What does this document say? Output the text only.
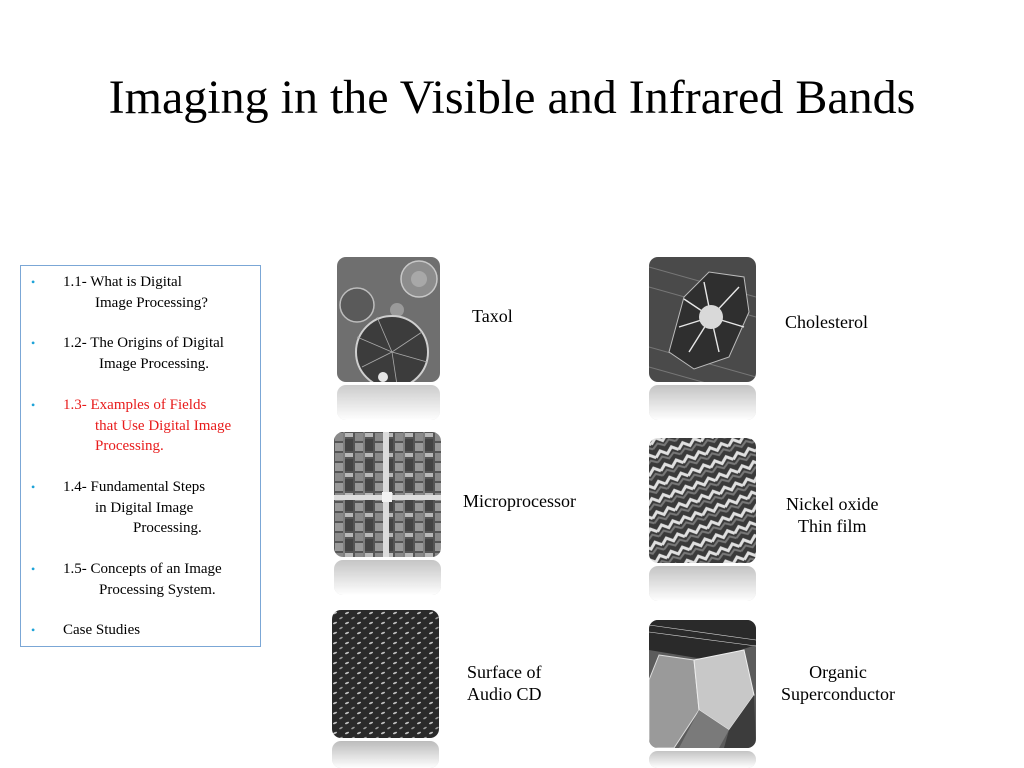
Imaging in the Visible and Infrared Bands
•	1.1- What is Digital
Image Processing?
•	1.2- The Origins of Digital
Image Processing.
•	1.3- Examples of Fields
that Use Digital Image
Processing.
•	1.4- Fundamental Steps
in Digital Image
Processing.
•	1.5- Concepts of an Image
Processing System.
•	Case Studies
Taxol	Cholesterol
Microprocessor	Nickel oxide
Thin film
Surface of
Audio CD
Organic
Superconductor
